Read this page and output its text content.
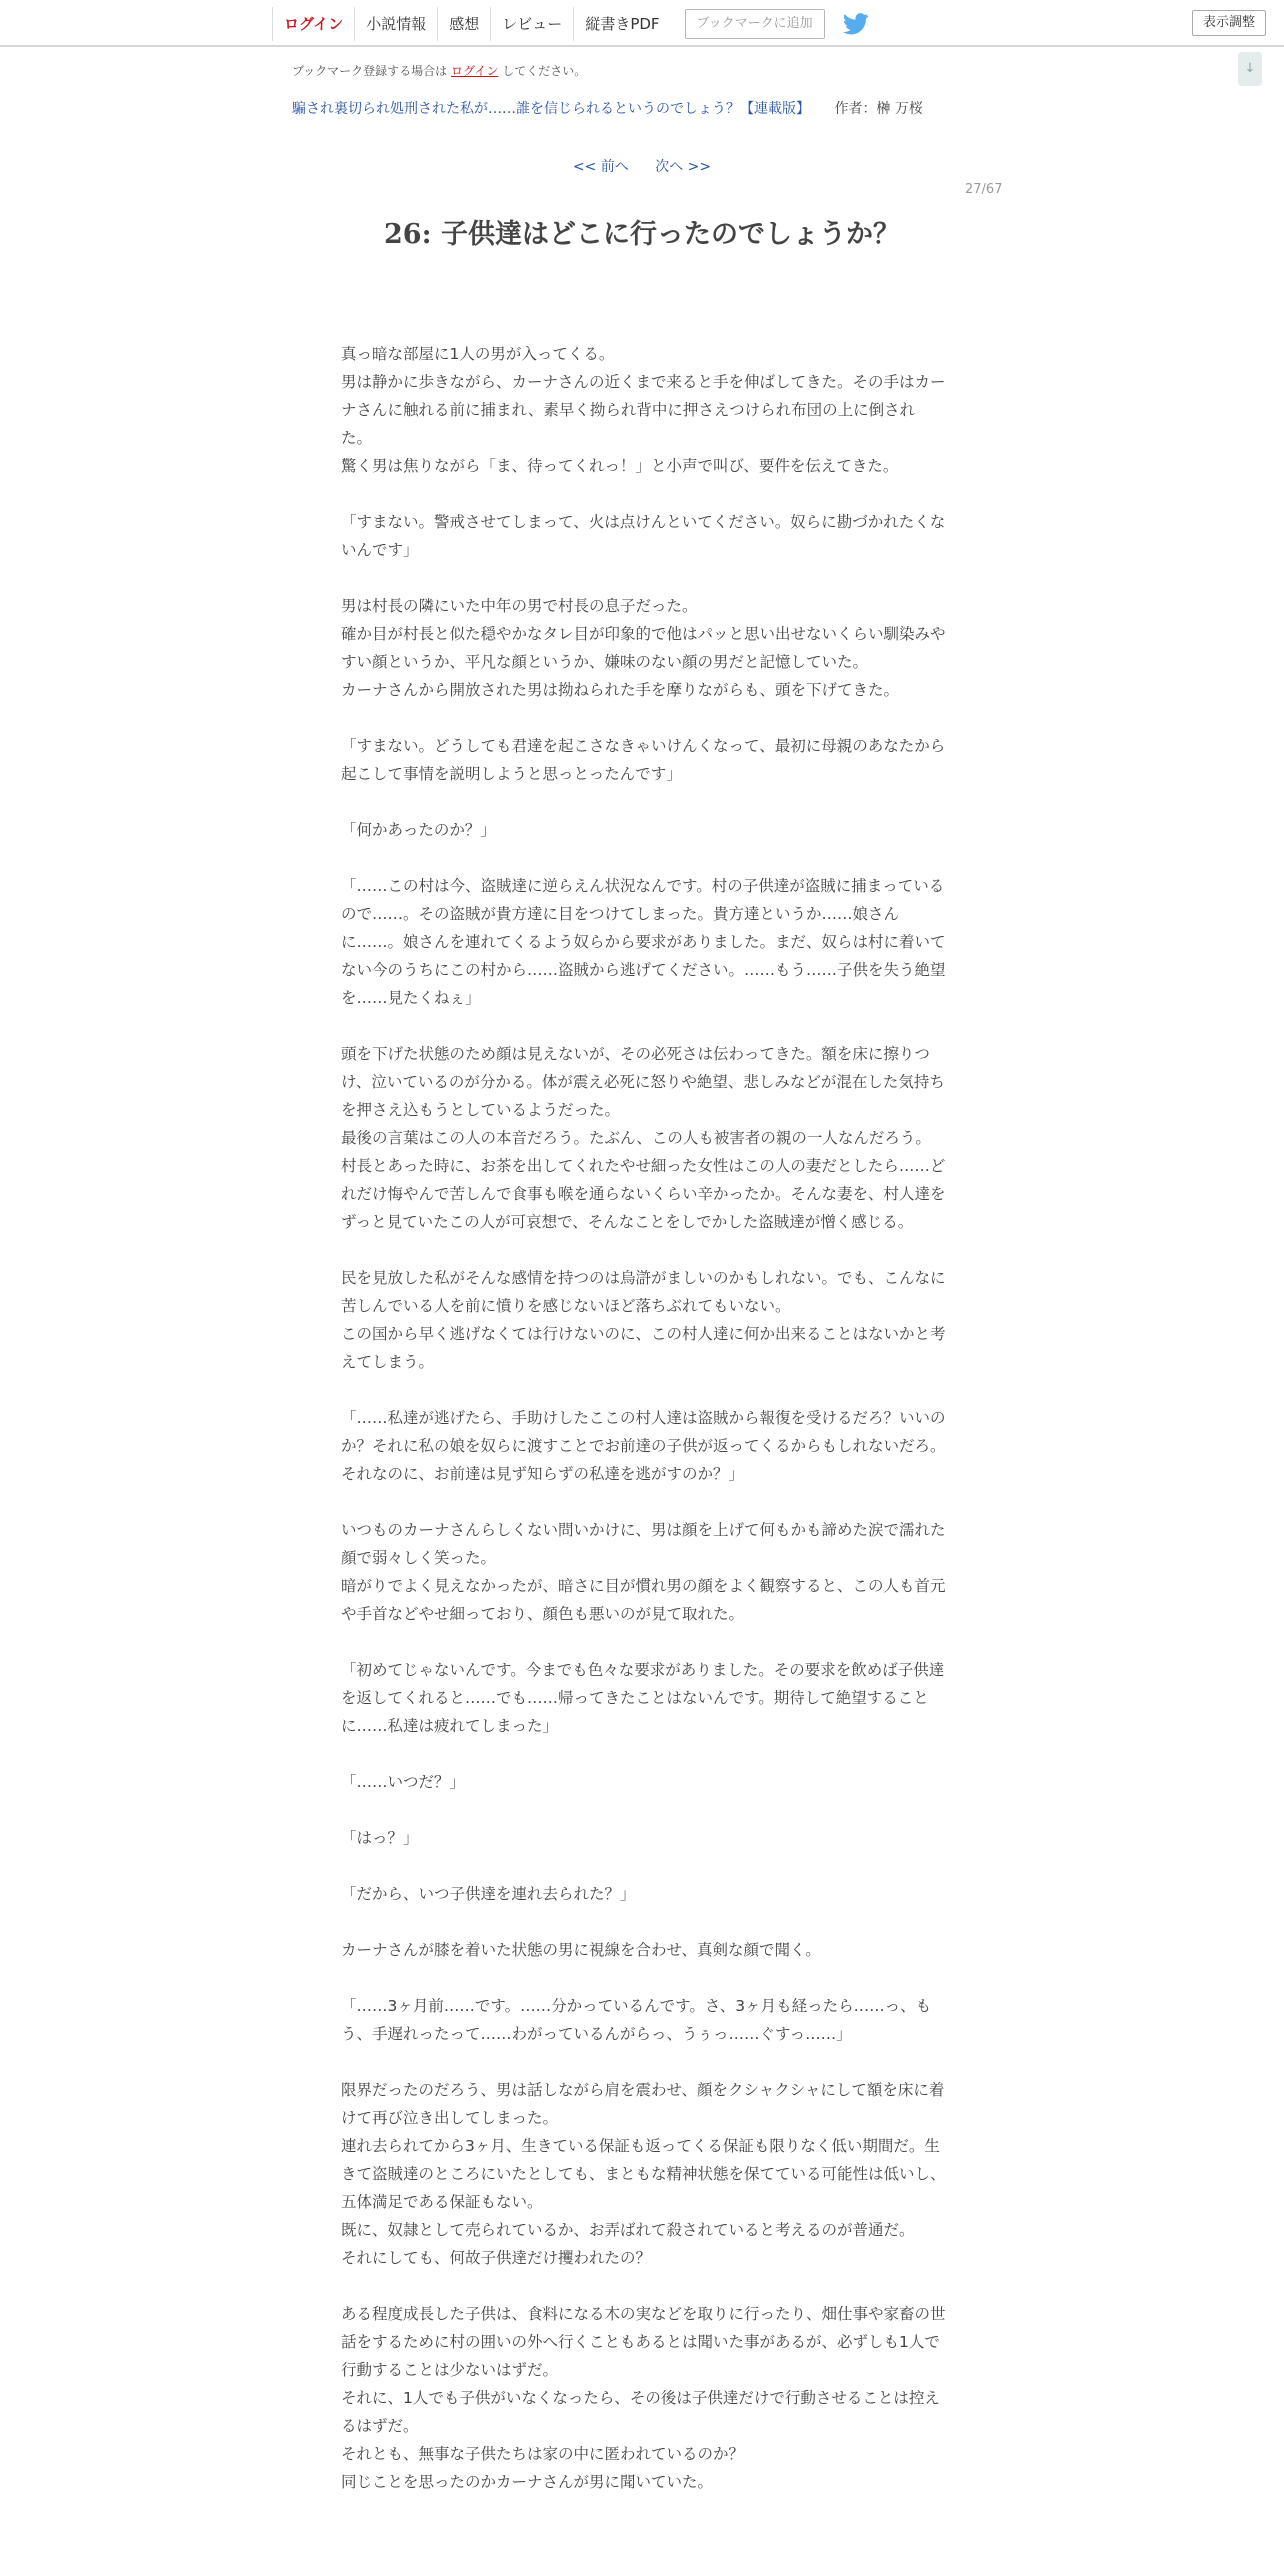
ログイン	小説情報	感想	レビュー	縦書きPDF	ブックマークに追加	表示調整
↓
ブックマーク登録する場合は ログイン してください。
騙され裏切られ処刑された私が……誰を信じられるというのでしょう？【連載版】 作者：榊 万桜
<< 前へ 次へ >>
27/67
26: 子供達はどこに行ったのでしょうか？

真っ暗な部屋に1人の男が入ってくる。

男は静かに歩きながら、カーナさんの近くまで来ると手を伸ばしてきた。その手はカーナさんに触れる前に捕まれ、素早く拗られ背中に押さえつけられ布団の上に倒された。

驚く男は焦りながら「ま、待ってくれっ！」と小声で叫び、要件を伝えてきた。

「すまない。警戒させてしまって、火は点けんといてください。奴らに勘づかれたくないんです」

男は村長の隣にいた中年の男で村長の息子だった。

確か目が村長と似た穏やかなタレ目が印象的で他はパッと思い出せないくらい馴染みやすい顔というか、平凡な顔というか、嫌味のない顔の男だと記憶していた。

カーナさんから開放された男は拗ねられた手を摩りながらも、頭を下げてきた。

「すまない。どうしても君達を起こさなきゃいけんくなって、最初に母親のあなたから起こして事情を説明しようと思っとったんです」

「何かあったのか？」

「……この村は今、盗賊達に逆らえん状況なんです。村の子供達が盗賊に捕まっているので……。その盗賊が貴方達に目をつけてしまった。貴方達というか……娘さんに……。娘さんを連れてくるよう奴らから要求がありました。まだ、奴らは村に着いてない今のうちにこの村から……盗賊から逃げてください。……もう……子供を失う絶望を……見たくねぇ」

頭を下げた状態のため顔は見えないが、その必死さは伝わってきた。額を床に擦りつけ、泣いているのが分かる。体が震え必死に怒りや絶望、悲しみなどが混在した気持ちを押さえ込もうとしているようだった。

最後の言葉はこの人の本音だろう。たぶん、この人も被害者の親の一人なんだろう。

村長とあった時に、お茶を出してくれたやせ細った女性はこの人の妻だとしたら……どれだけ悔やんで苦しんで食事も喉を通らないくらい辛かったか。そんな妻を、村人達をずっと見ていたこの人が可哀想で、そんなことをしでかした盗賊達が憎く感じる。

民を見放した私がそんな感情を持つのは烏滸がましいのかもしれない。でも、こんなに苦しんでいる人を前に憤りを感じないほど落ちぶれてもいない。

この国から早く逃げなくては行けないのに、この村人達に何か出来ることはないかと考えてしまう。

「……私達が逃げたら、手助けしたここの村人達は盗賊から報復を受けるだろ？いいのか？それに私の娘を奴らに渡すことでお前達の子供が返ってくるからもしれないだろ。それなのに、お前達は見ず知らずの私達を逃がすのか？」

いつものカーナさんらしくない問いかけに、男は顔を上げて何もかも諦めた涙で濡れた顔で弱々しく笑った。

暗がりでよく見えなかったが、暗さに目が慣れ男の顔をよく観察すると、この人も首元や手首などやせ細っており、顔色も悪いのが見て取れた。

「初めてじゃないんです。今までも色々な要求がありました。その要求を飲めば子供達を返してくれると……でも……帰ってきたことはないんです。期待して絶望することに……私達は疲れてしまった」

「……いつだ？」

「はっ？」

「だから、いつ子供達を連れ去られた？」

カーナさんが膝を着いた状態の男に視線を合わせ、真剣な顔で聞く。

「……3ヶ月前……です。……分かっているんです。さ、3ヶ月も経ったら……っ、もう、手遅れったって……わがっているんがらっ、うぅっ……ぐすっ……」

限界だったのだろう、男は話しながら肩を震わせ、顔をクシャクシャにして額を床に着けて再び泣き出してしまった。

連れ去られてから3ヶ月、生きている保証も返ってくる保証も限りなく低い期間だ。生きて盗賊達のところにいたとしても、まともな精神状態を保てている可能性は低いし、五体満足である保証もない。

既に、奴隷として売られているか、お弄ばれて殺されていると考えるのが普通だ。

それにしても、何故子供達だけ攫われたの？

ある程度成長した子供は、食料になる木の実などを取りに行ったり、畑仕事や家畜の世話をするために村の囲いの外へ行くこともあるとは聞いた事があるが、必ずしも1人で行動することは少ないはずだ。

それに、1人でも子供がいなくなったら、その後は子供達だけで行動させることは控えるはずだ。

それとも、無事な子供たちは家の中に匿われているのか？

同じことを思ったのかカーナさんが男に聞いていた。
